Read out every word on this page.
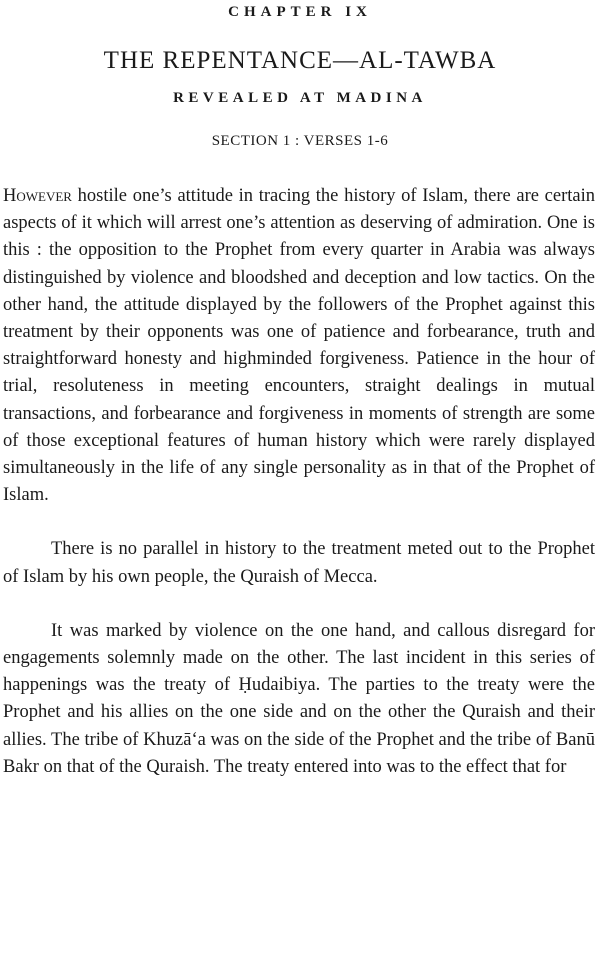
CHAPTER IX
THE REPENTANCE—AL-TAWBA
REVEALED AT MADINA
SECTION 1 : VERSES 1-6

However hostile one’s attitude in tracing the history of Islam, there are certain aspects of it which will arrest one’s attention as deserving of admiration. One is this : the opposition to the Prophet from every quarter in Arabia was always distinguished by violence and bloodshed and deception and low tactics. On the other hand, the attitude displayed by the followers of the Prophet against this treatment by their opponents was one of patience and forbearance, truth and straightforward honesty and highminded forgiveness. Patience in the hour of trial, resoluteness in meeting encounters, straight dealings in mutual transactions, and forbearance and forgiveness in moments of strength are some of those exceptional features of human history which were rarely displayed simultaneously in the life of any single personality as in that of the Prophet of Islam.

There is no parallel in history to the treatment meted out to the Prophet of Islam by his own people, the Quraish of Mecca.

It was marked by violence on the one hand, and callous disregard for engagements solemnly made on the other. The last incident in this series of happenings was the treaty of Ḥudaibiya. The parties to the treaty were the Prophet and his allies on the one side and on the other the Quraish and their allies. The tribe of Khuzā‘a was on the side of the Prophet and the tribe of Banū Bakr on that of the Quraish. The treaty entered into was to the effect that for
